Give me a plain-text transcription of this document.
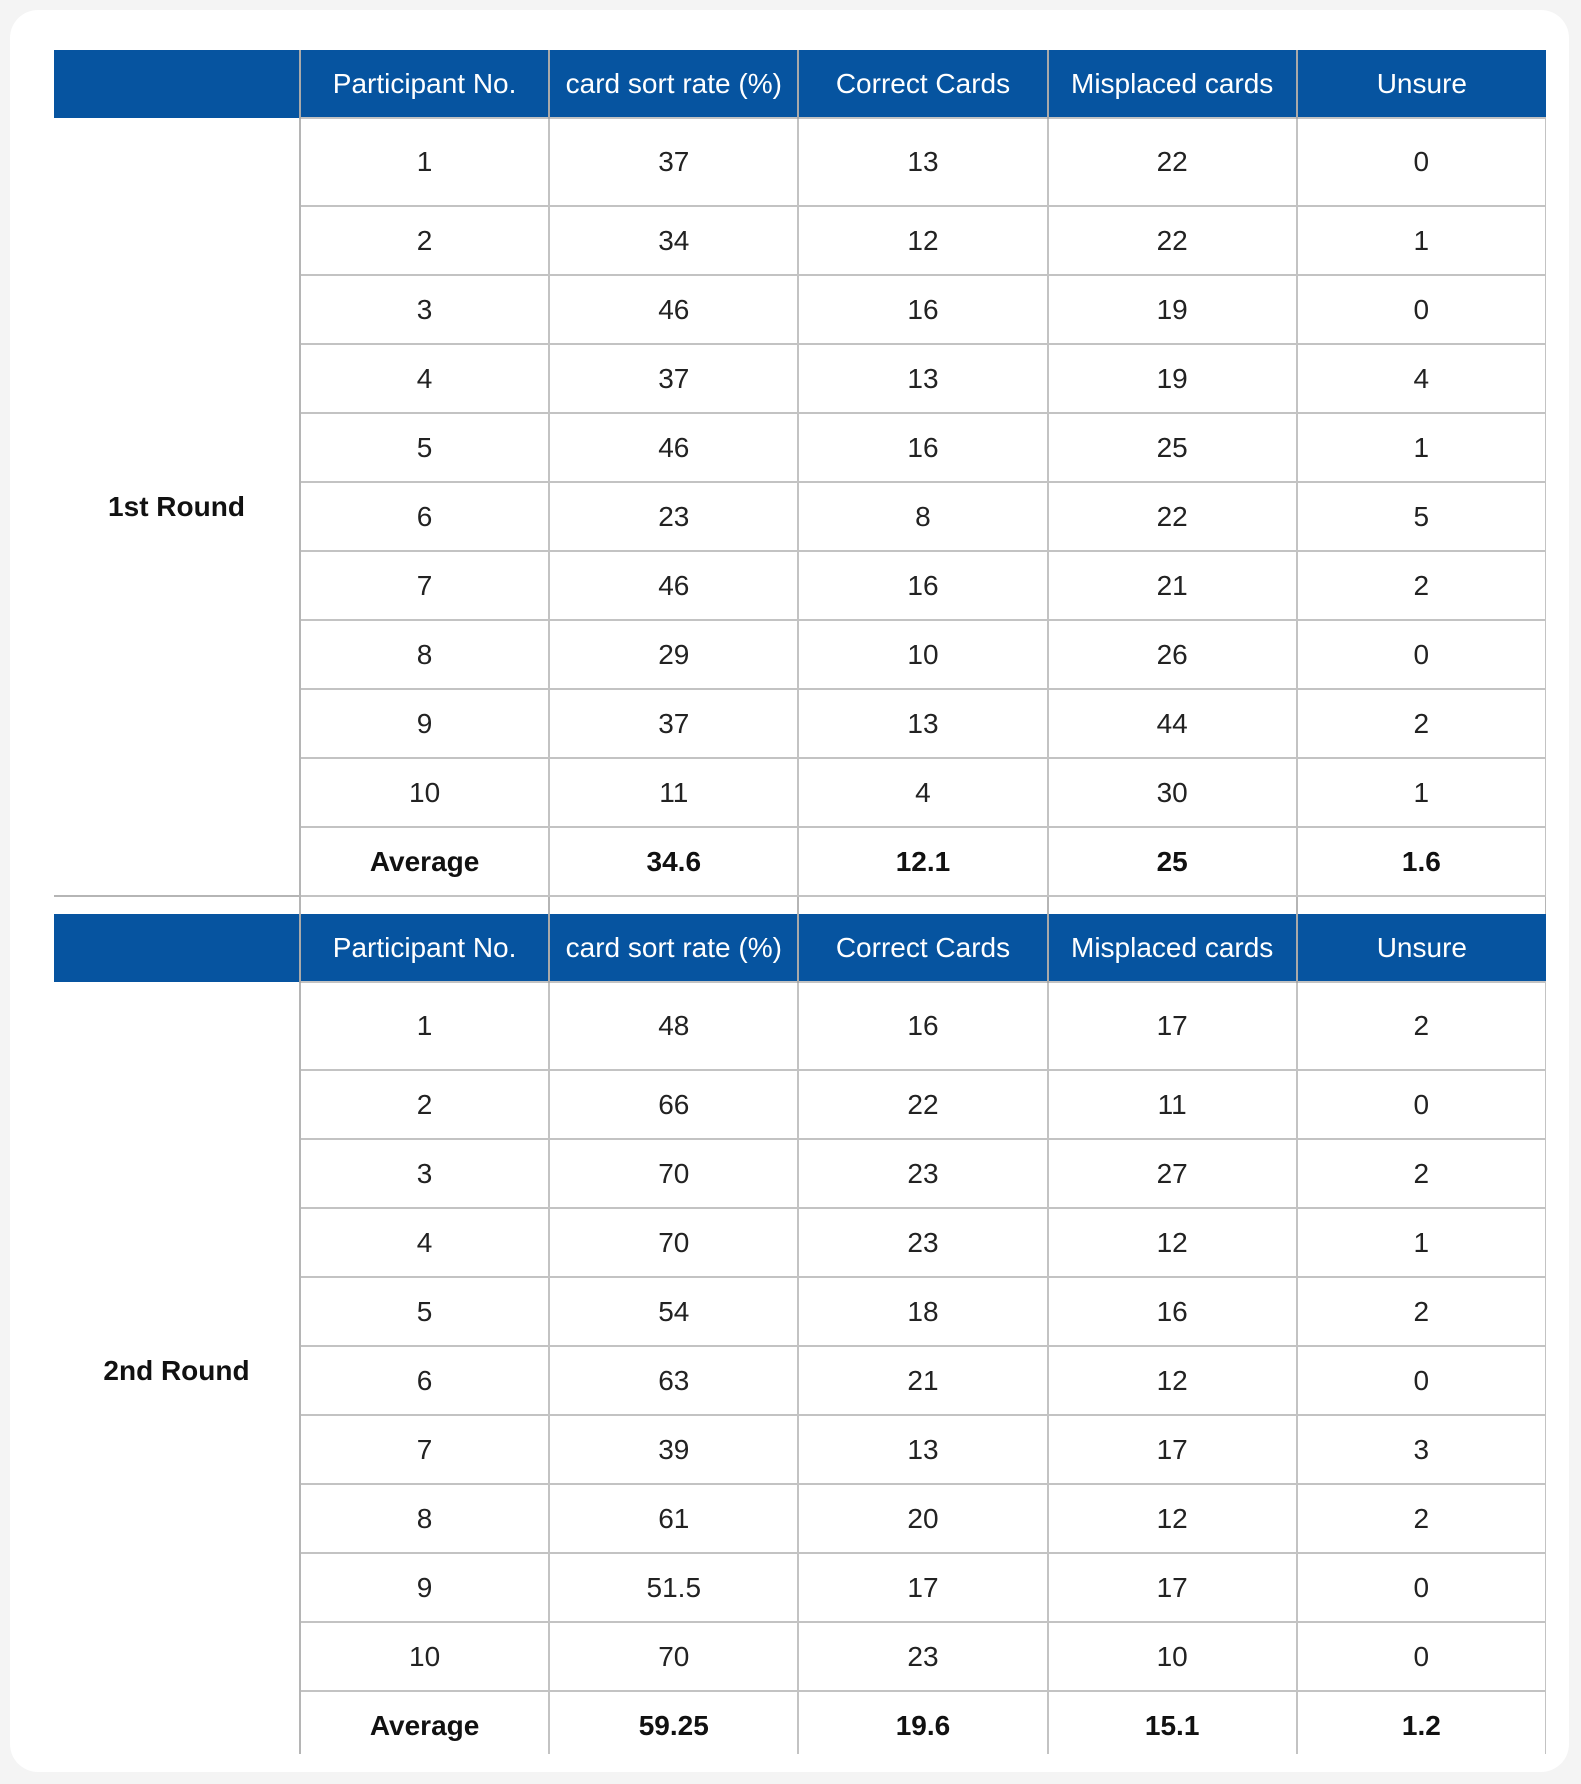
	Participant No.	card sort rate (%)	Correct Cards	Misplaced cards	Unsure
1st Round	1	37	13	22	0
	2	34	12	22	1
	3	46	16	19	0
	4	37	13	19	4
	5	46	16	25	1
	6	23	8	22	5
	7	46	16	21	2
	8	29	10	26	0
	9	37	13	44	2
	10	11	4	30	1
	Average	34.6	12.1	25	1.6

	Participant No.	card sort rate (%)	Correct Cards	Misplaced cards	Unsure
2nd Round	1	48	16	17	2
	2	66	22	11	0
	3	70	23	27	2
	4	70	23	12	1
	5	54	18	16	2
	6	63	21	12	0
	7	39	13	17	3
	8	61	20	12	2
	9	51.5	17	17	0
	10	70	23	10	0
	Average	59.25	19.6	15.1	1.2
